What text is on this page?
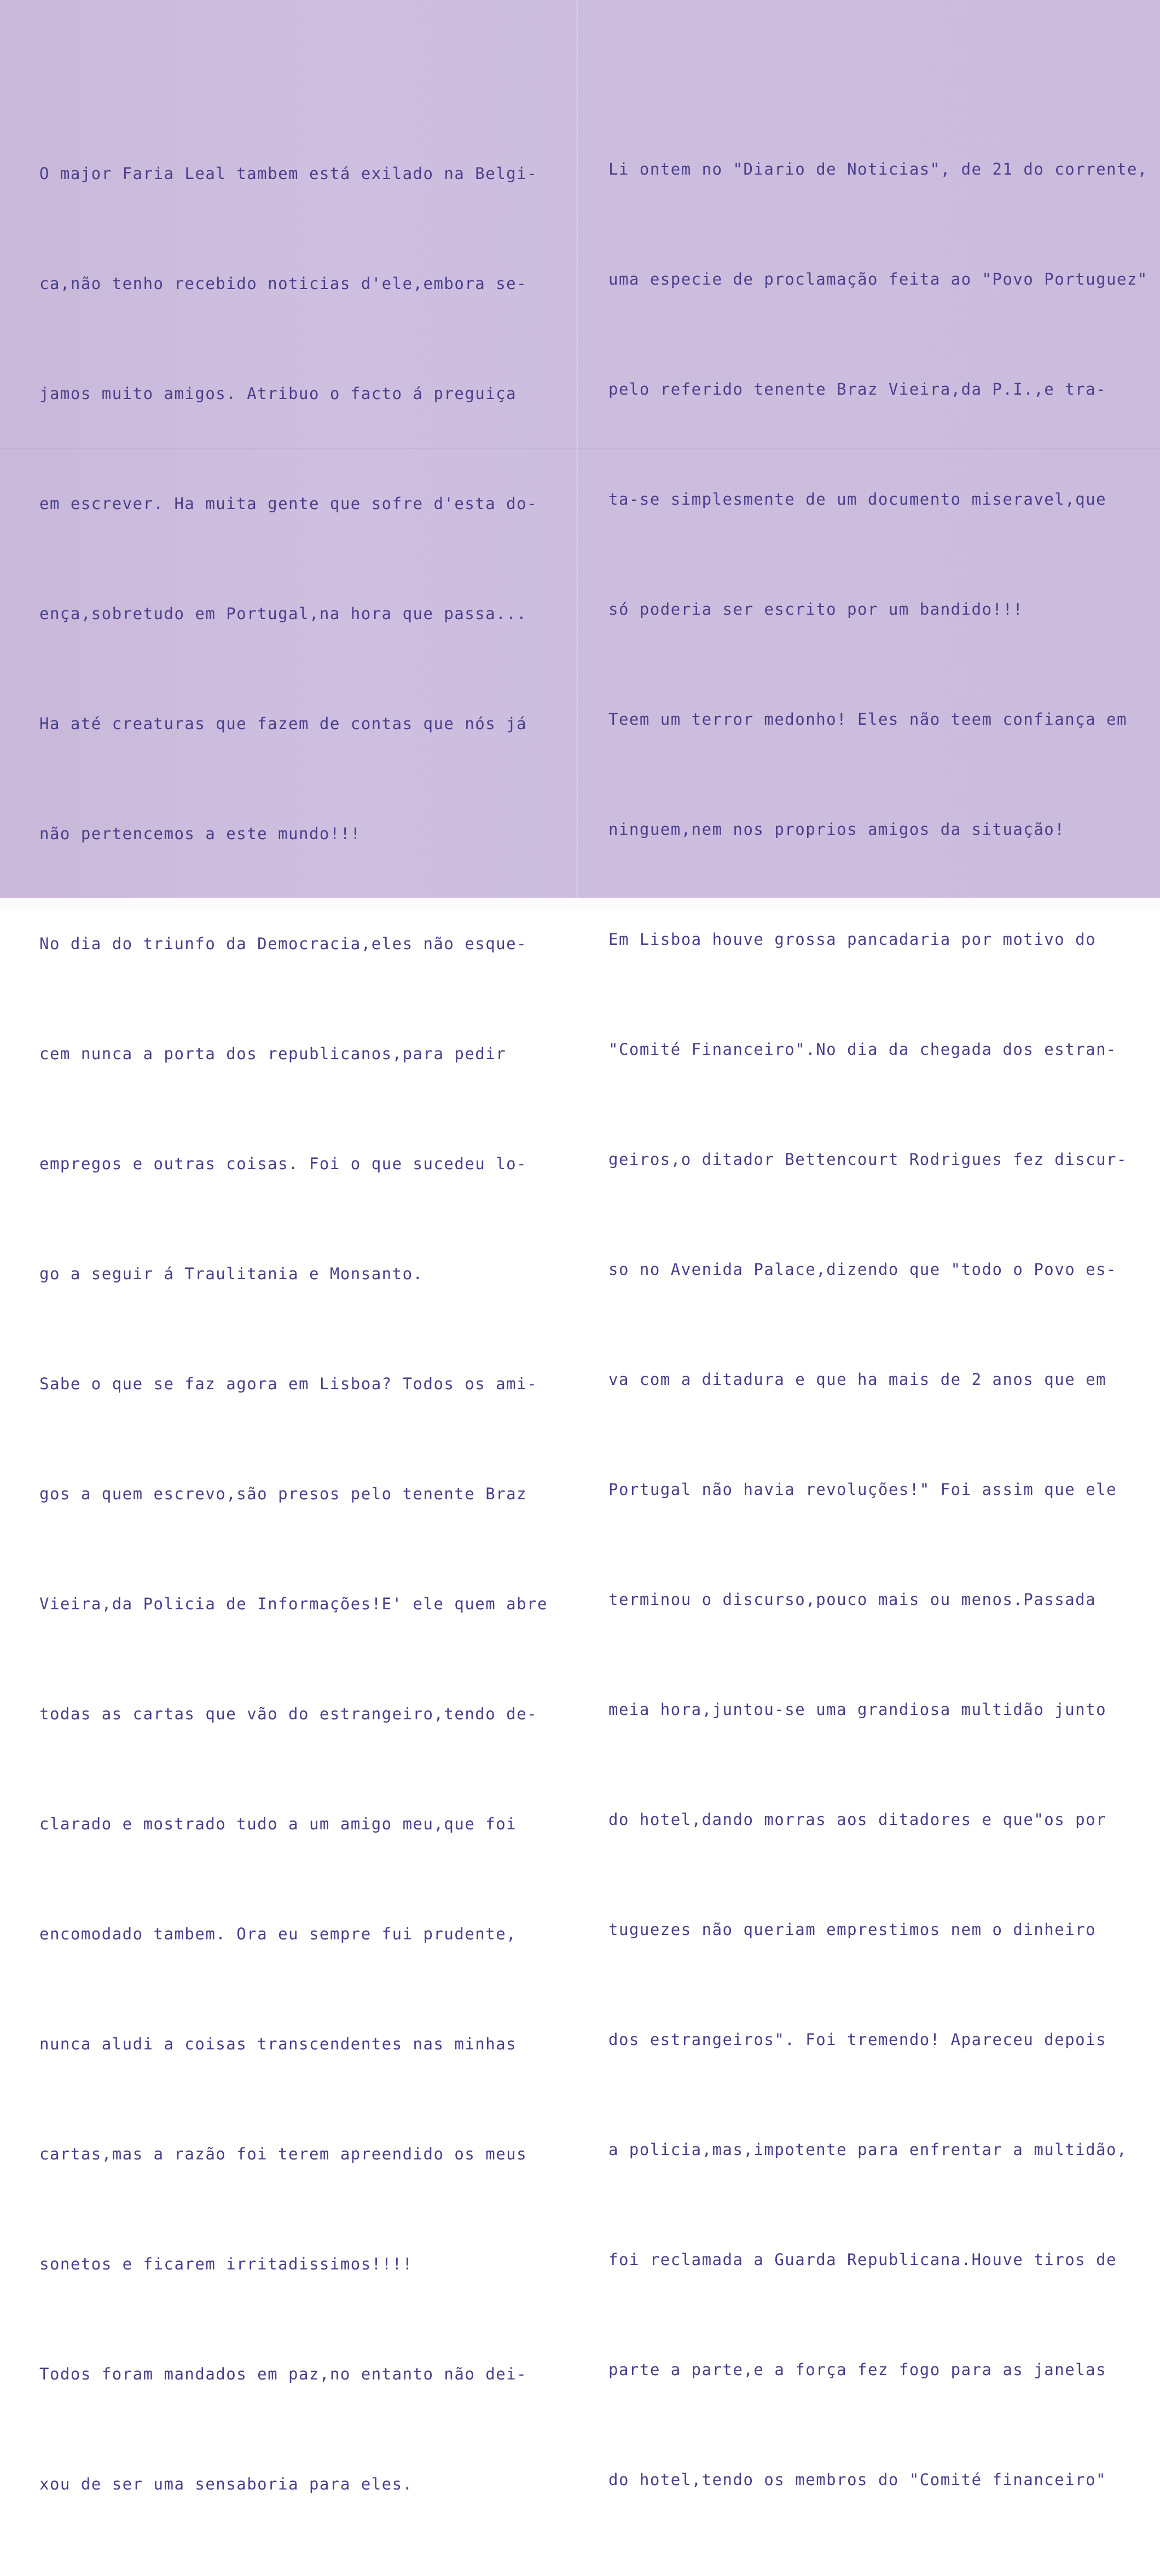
O major Faria Leal tambem está exilado na Belgi-

ca,não tenho recebido noticias d'ele,embora se-

jamos muito amigos. Atribuo o facto á preguiça

em escrever. Ha muita gente que sofre d'esta do-

ença,sobretudo em Portugal,na hora que passa...

Ha até creaturas que fazem de contas que nós já

não pertencemos a este mundo!!!

No dia do triunfo da Democracia,eles não esque-

cem nunca a porta dos republicanos,para pedir

empregos e outras coisas. Foi o que sucedeu lo-

go a seguir á Traulitania e Monsanto.

Sabe o que se faz agora em Lisboa? Todos os ami-

gos a quem escrevo,são presos pelo tenente Braz

Vieira,da Policia de Informações!E' ele quem abre

todas as cartas que vão do estrangeiro,tendo de-

clarado e mostrado tudo a um amigo meu,que foi

encomodado tambem. Ora eu sempre fui prudente,

nunca aludi a coisas transcendentes nas minhas

cartas,mas a razão foi terem apreendido os meus

sonetos e ficarem irritadissimos!!!!

Todos foram mandados em paz,no entanto não dei-

xou de ser uma sensaboria para eles.

Li ontem no "Diario de Noticias", de 21 do corrente,

uma especie de proclamação feita ao "Povo Portuguez"

pelo referido tenente Braz Vieira,da P.I.,e tra-

ta-se simplesmente de um documento miseravel,que

só poderia ser escrito por um bandido!!!

Teem um terror medonho! Eles não teem confiança em

ninguem,nem nos proprios amigos da situação!

Em Lisboa houve grossa pancadaria por motivo do

"Comité Financeiro".No dia da chegada dos estran-

geiros,o ditador Bettencourt Rodrigues fez discur-

so no Avenida Palace,dizendo que "todo o Povo es-

va com a ditadura e que ha mais de 2 anos que em

Portugal não havia revoluções!" Foi assim que ele

terminou o discurso,pouco mais ou menos.Passada

meia hora,juntou-se uma grandiosa multidão junto

do hotel,dando morras aos ditadores e que"os por

tuguezes não queriam emprestimos nem o dinheiro

dos estrangeiros". Foi tremendo! Apareceu depois

a policia,mas,impotente para enfrentar a multidão,

foi reclamada a Guarda Republicana.Houve tiros de

parte a parte,e a força fez fogo para as janelas

do hotel,tendo os membros do "Comité financeiro"
